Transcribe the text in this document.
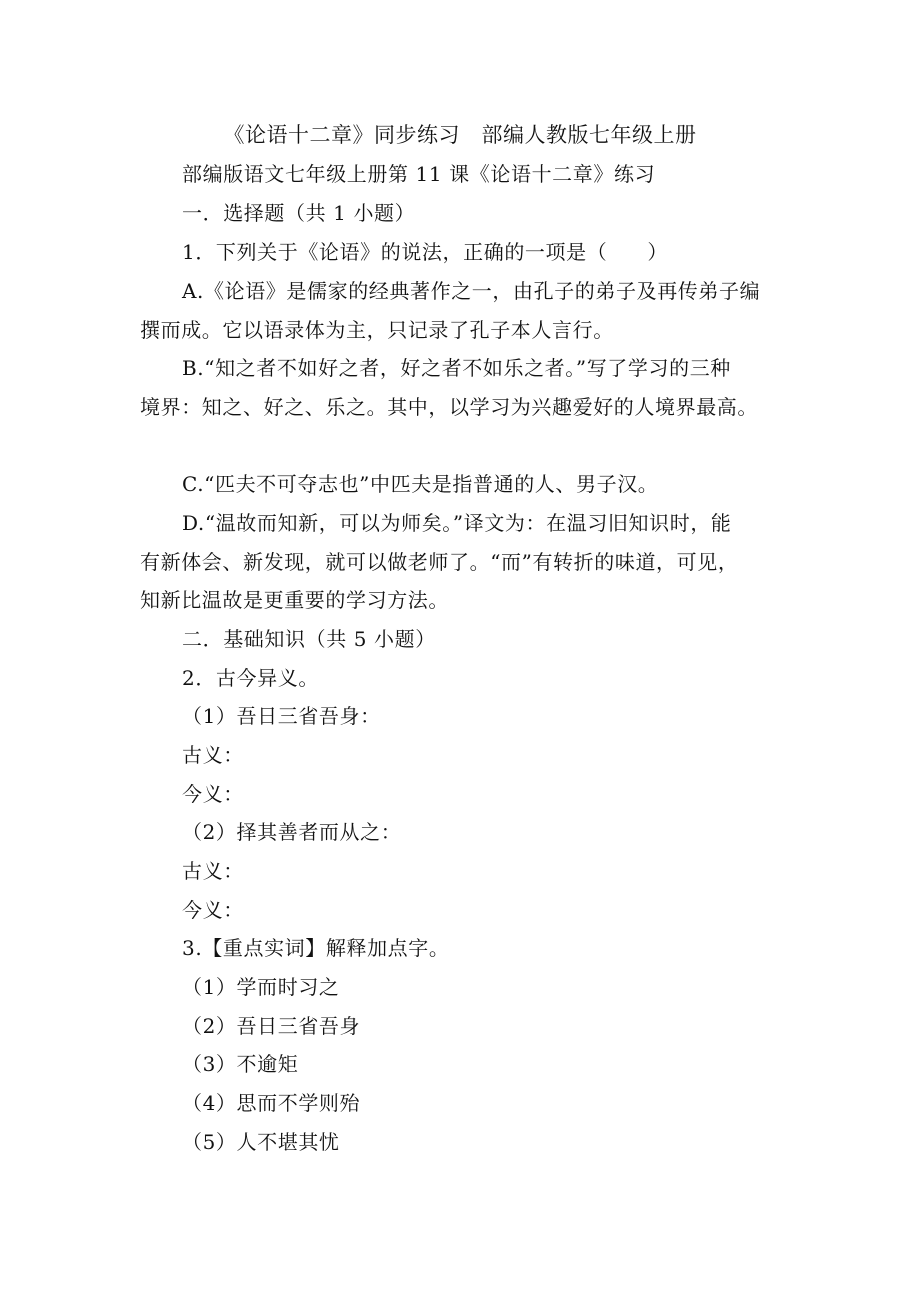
《论语十二章》同步练习　部编人教版七年级上册
部编版语文七年级上册第 11 课《论语十二章》练习
一．选择题（共 1 小题）
1．下列关于《论语》的说法，正确的一项是（ ）
A.《论语》是儒家的经典著作之一，由孔子的弟子及再传弟子编
撰而成。它以语录体为主，只记录了孔子本人言行。
B.“知之者不如好之者，好之者不如乐之者。”写了学习的三种
境界：知之、好之、乐之。其中，以学习为兴趣爱好的人境界最高。
C.“匹夫不可夺志也”中匹夫是指普通的人、男子汉。
D.“温故而知新，可以为师矣。”译文为：在温习旧知识时，能
有新体会、新发现，就可以做老师了。“而”有转折的味道，可见，
知新比温故是更重要的学习方法。
二．基础知识（共 5 小题）
2．古今异义。
（1）吾日三省吾身：
古义：
今义：
（2）择其善者而从之：
古义：
今义：
3.【重点实词】解释加点字。
（1）学而时习之
（2）吾日三省吾身
（3）不逾矩
（4）思而不学则殆
（5）人不堪其忧
